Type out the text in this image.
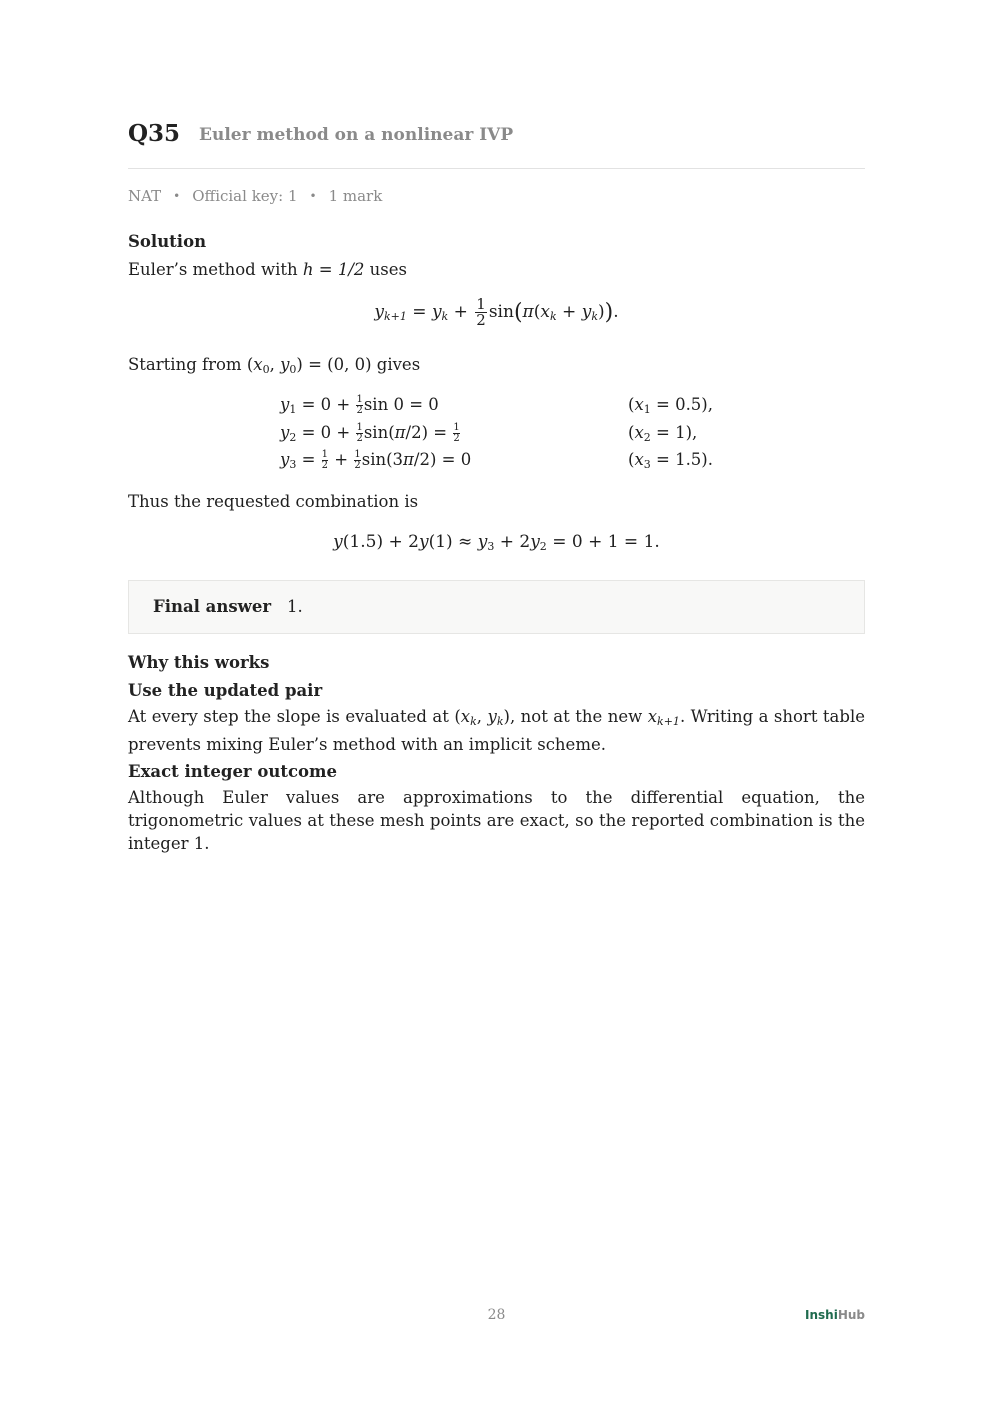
Q35 Euler method on a nonlinear IVP
NAT • Official key: 1 • 1 mark
Solution
Euler’s method with h = 1/2 uses
$y_{k+1} = y_k + \frac{1}{2} \sin(\pi(x_k + y_k))$.
Starting from ($x_0$, $y_0) = (0$, 0) gives
$y_1 = 0 + \frac{1}{2}$ sin 0 = 0	$(x_1 = 0.5)$,
$y_2 = 0 + \frac{1}{2} \sin(\pi/2) = \frac{1}{2}$	$(x_2 = 1)$,
$y_3 = \frac{1}{2} + \frac{1}{2} \sin(3\pi/2) = 0$	$(x_3 = 1.5)$.
Thus the requested combination is
$y(1.5) + 2y(1) \approx y_3 + 2y_2 = 0 + 1 = 1$.
Final answer 1.
Why this works
Use the updated pair
At every step the slope is evaluated at ($x_k$, $y_k$), not at the new $x_{k+1}$. Writing a short table prevents mixing Euler’s method with an implicit scheme.
Exact integer outcome
Although Euler values are approximations to the differential equation, the trigonometric values at these mesh points are exact, so the reported combination is the integer 1.
28	InshiHub
